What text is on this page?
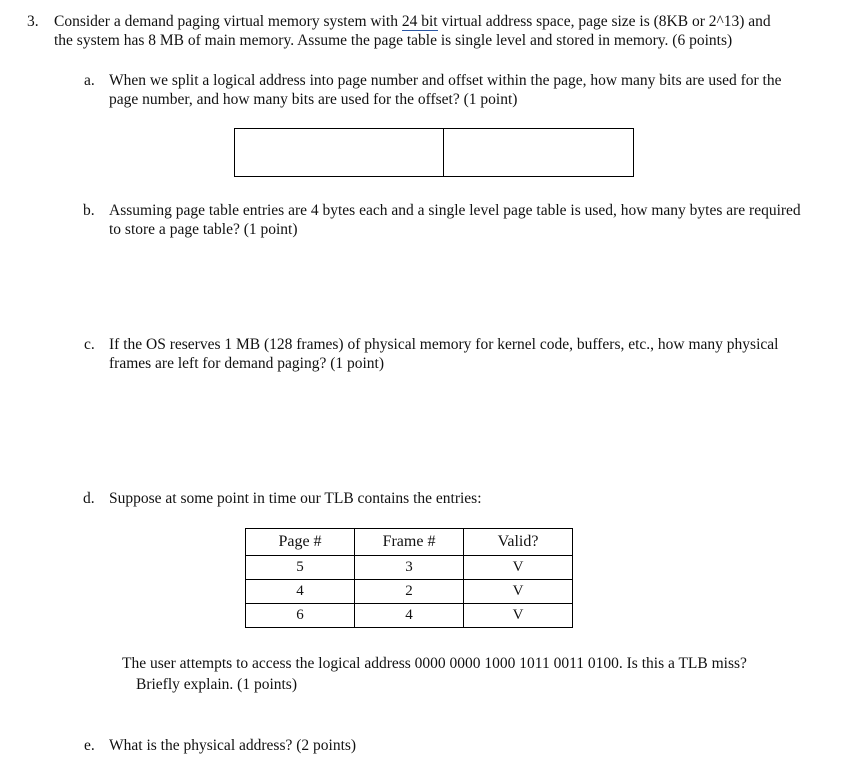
3. Consider a demand paging virtual memory system with 24 bit virtual address space, page size is (8KB or 2^13) and
the system has 8 MB of main memory. Assume the page table is single level and stored in memory. (6 points)
a. When we split a logical address into page number and offset within the page, how many bits are used for the
page number, and how many bits are used for the offset? (1 point)
b. Assuming page table entries are 4 bytes each and a single level page table is used, how many bytes are required
to store a page table? (1 point)
c. If the OS reserves 1 MB (128 frames) of physical memory for kernel code, buffers, etc., how many physical
frames are left for demand paging? (1 point)
d. Suppose at some point in time our TLB contains the entries:
Page #	Frame #	Valid?
5	3	V
4	2	V
6	4	V
The user attempts to access the logical address 0000 0000 1000 1011 0011 0100. Is this a TLB miss?
Briefly explain. (1 points)
e. What is the physical address? (2 points)
